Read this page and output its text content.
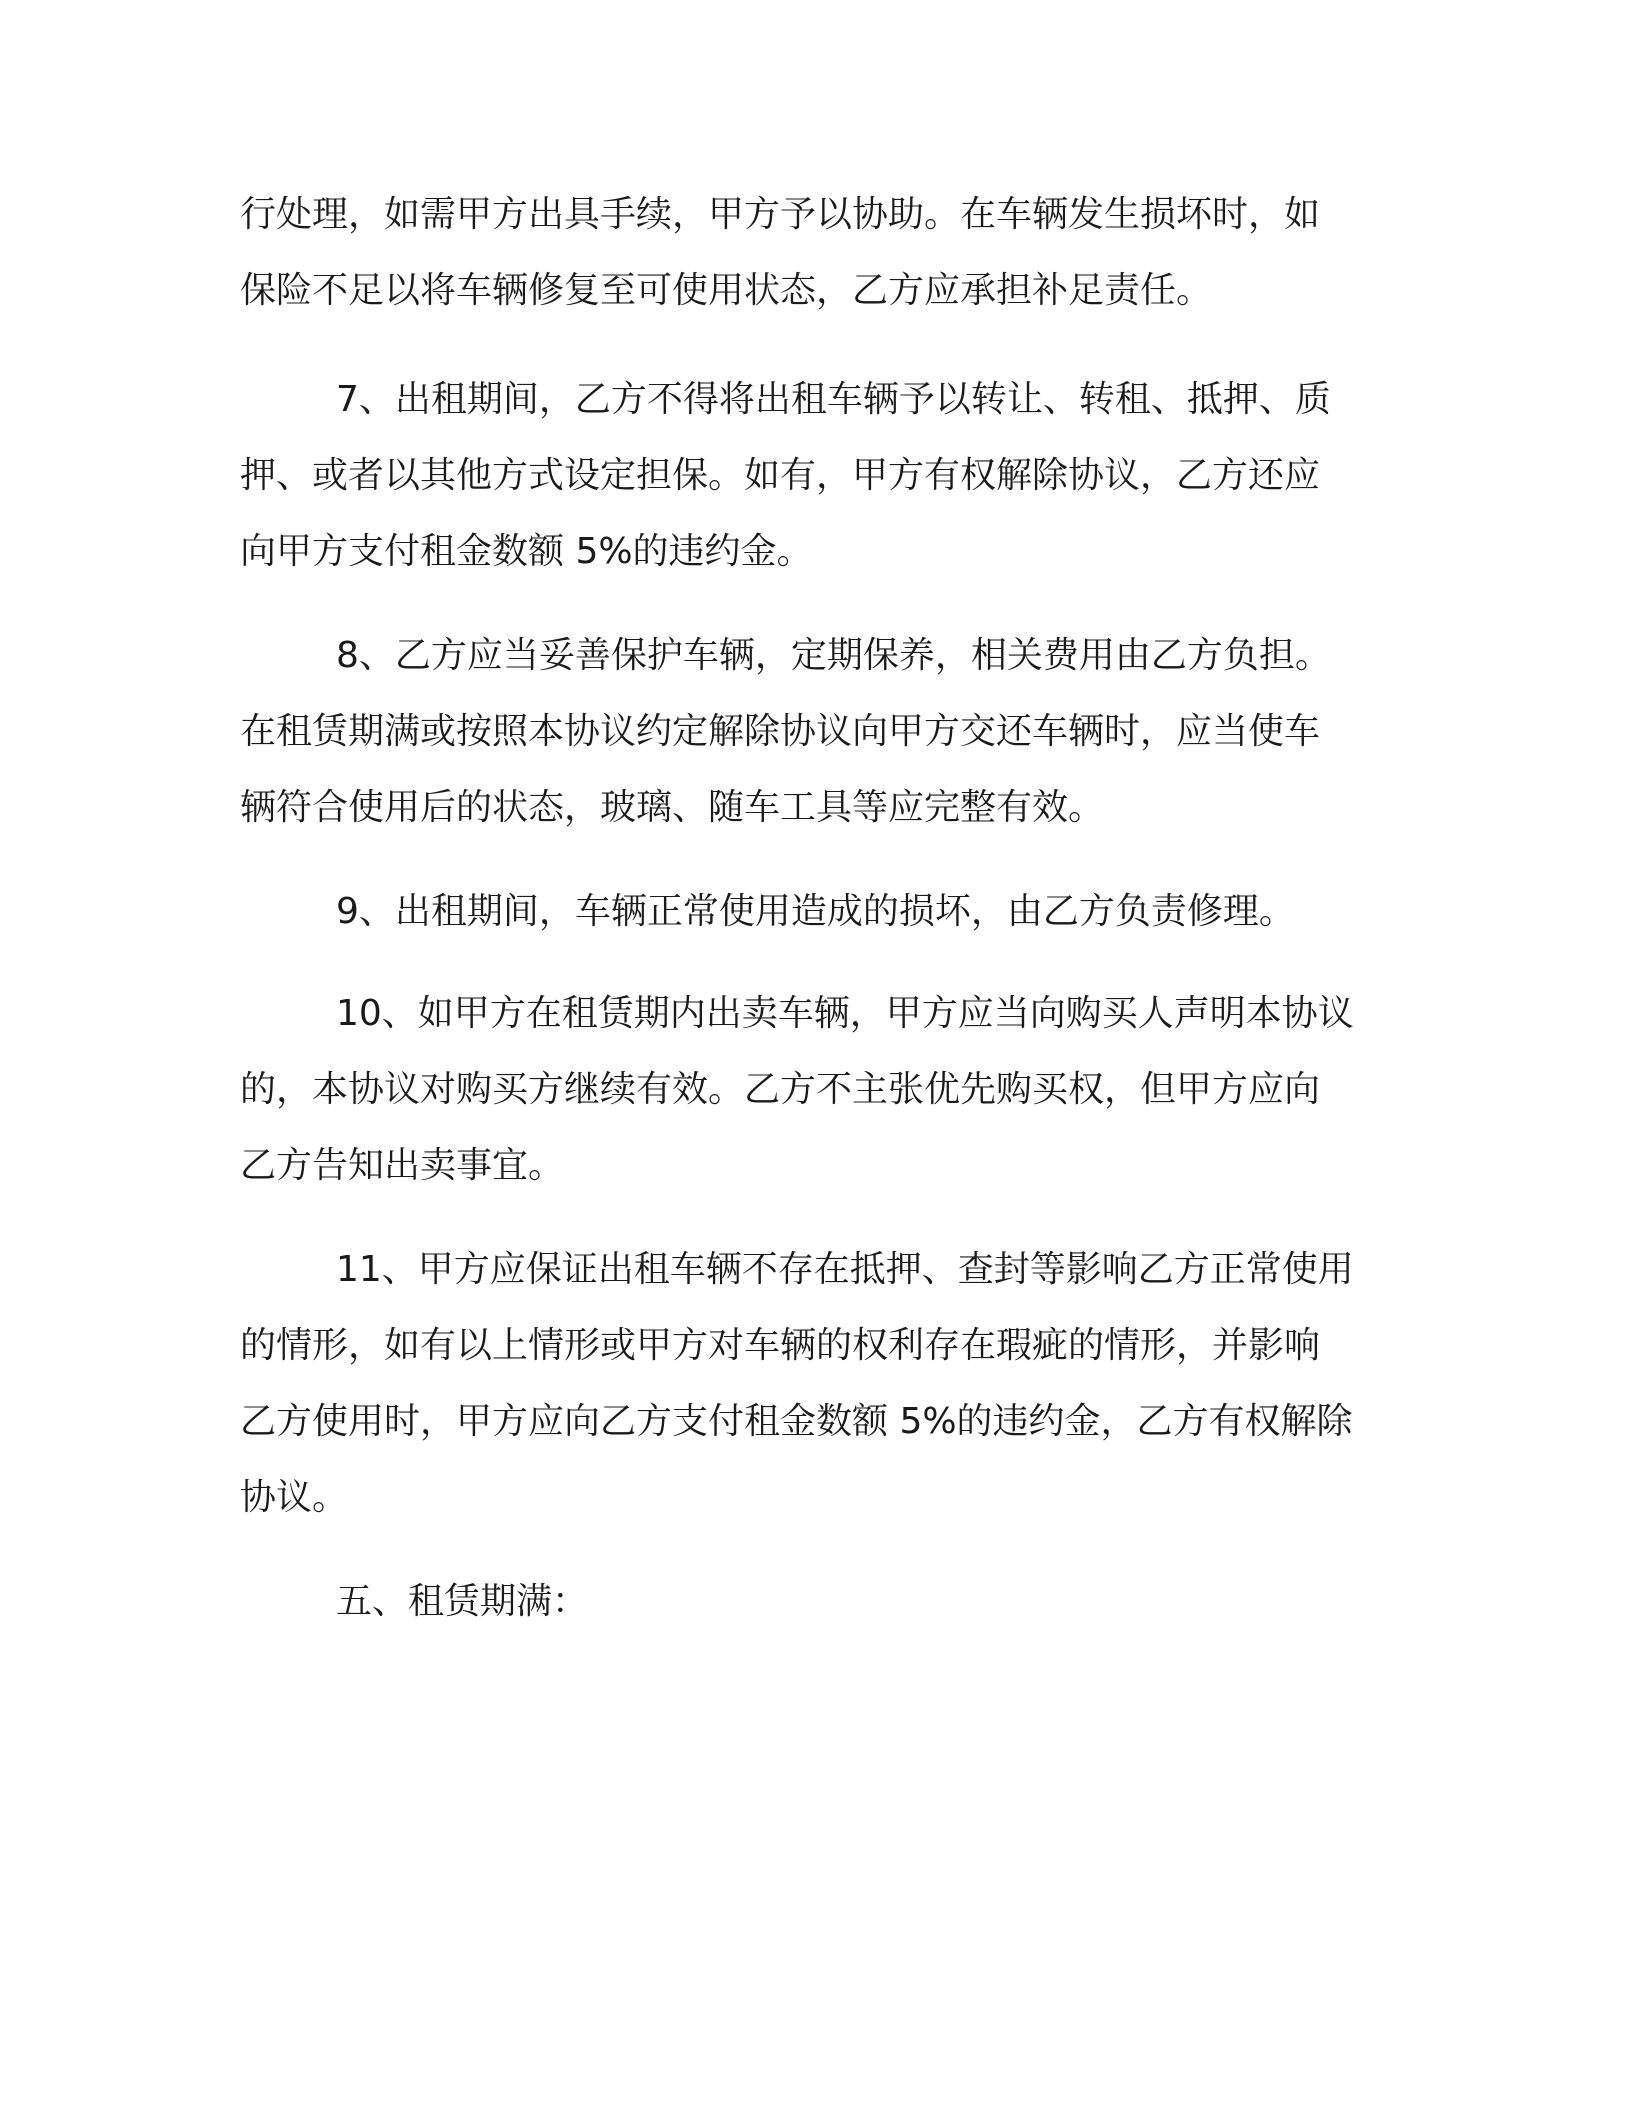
行处理，如需甲方出具手续，甲方予以协助。在车辆发生损坏时，如
保险不足以将车辆修复至可使用状态，乙方应承担补足责任。
7、出租期间，乙方不得将出租车辆予以转让、转租、抵押、质
押、或者以其他方式设定担保。如有，甲方有权解除协议，乙方还应
向甲方支付租金数额 5%的违约金。
8、乙方应当妥善保护车辆，定期保养，相关费用由乙方负担。
在租赁期满或按照本协议约定解除协议向甲方交还车辆时，应当使车
辆符合使用后的状态，玻璃、随车工具等应完整有效。
9、出租期间，车辆正常使用造成的损坏，由乙方负责修理。
10、如甲方在租赁期内出卖车辆，甲方应当向购买人声明本协议
的，本协议对购买方继续有效。乙方不主张优先购买权，但甲方应向
乙方告知出卖事宜。
11、甲方应保证出租车辆不存在抵押、查封等影响乙方正常使用
的情形，如有以上情形或甲方对车辆的权利存在瑕疵的情形，并影响
乙方使用时，甲方应向乙方支付租金数额 5%的违约金，乙方有权解除
协议。
五、租赁期满：
